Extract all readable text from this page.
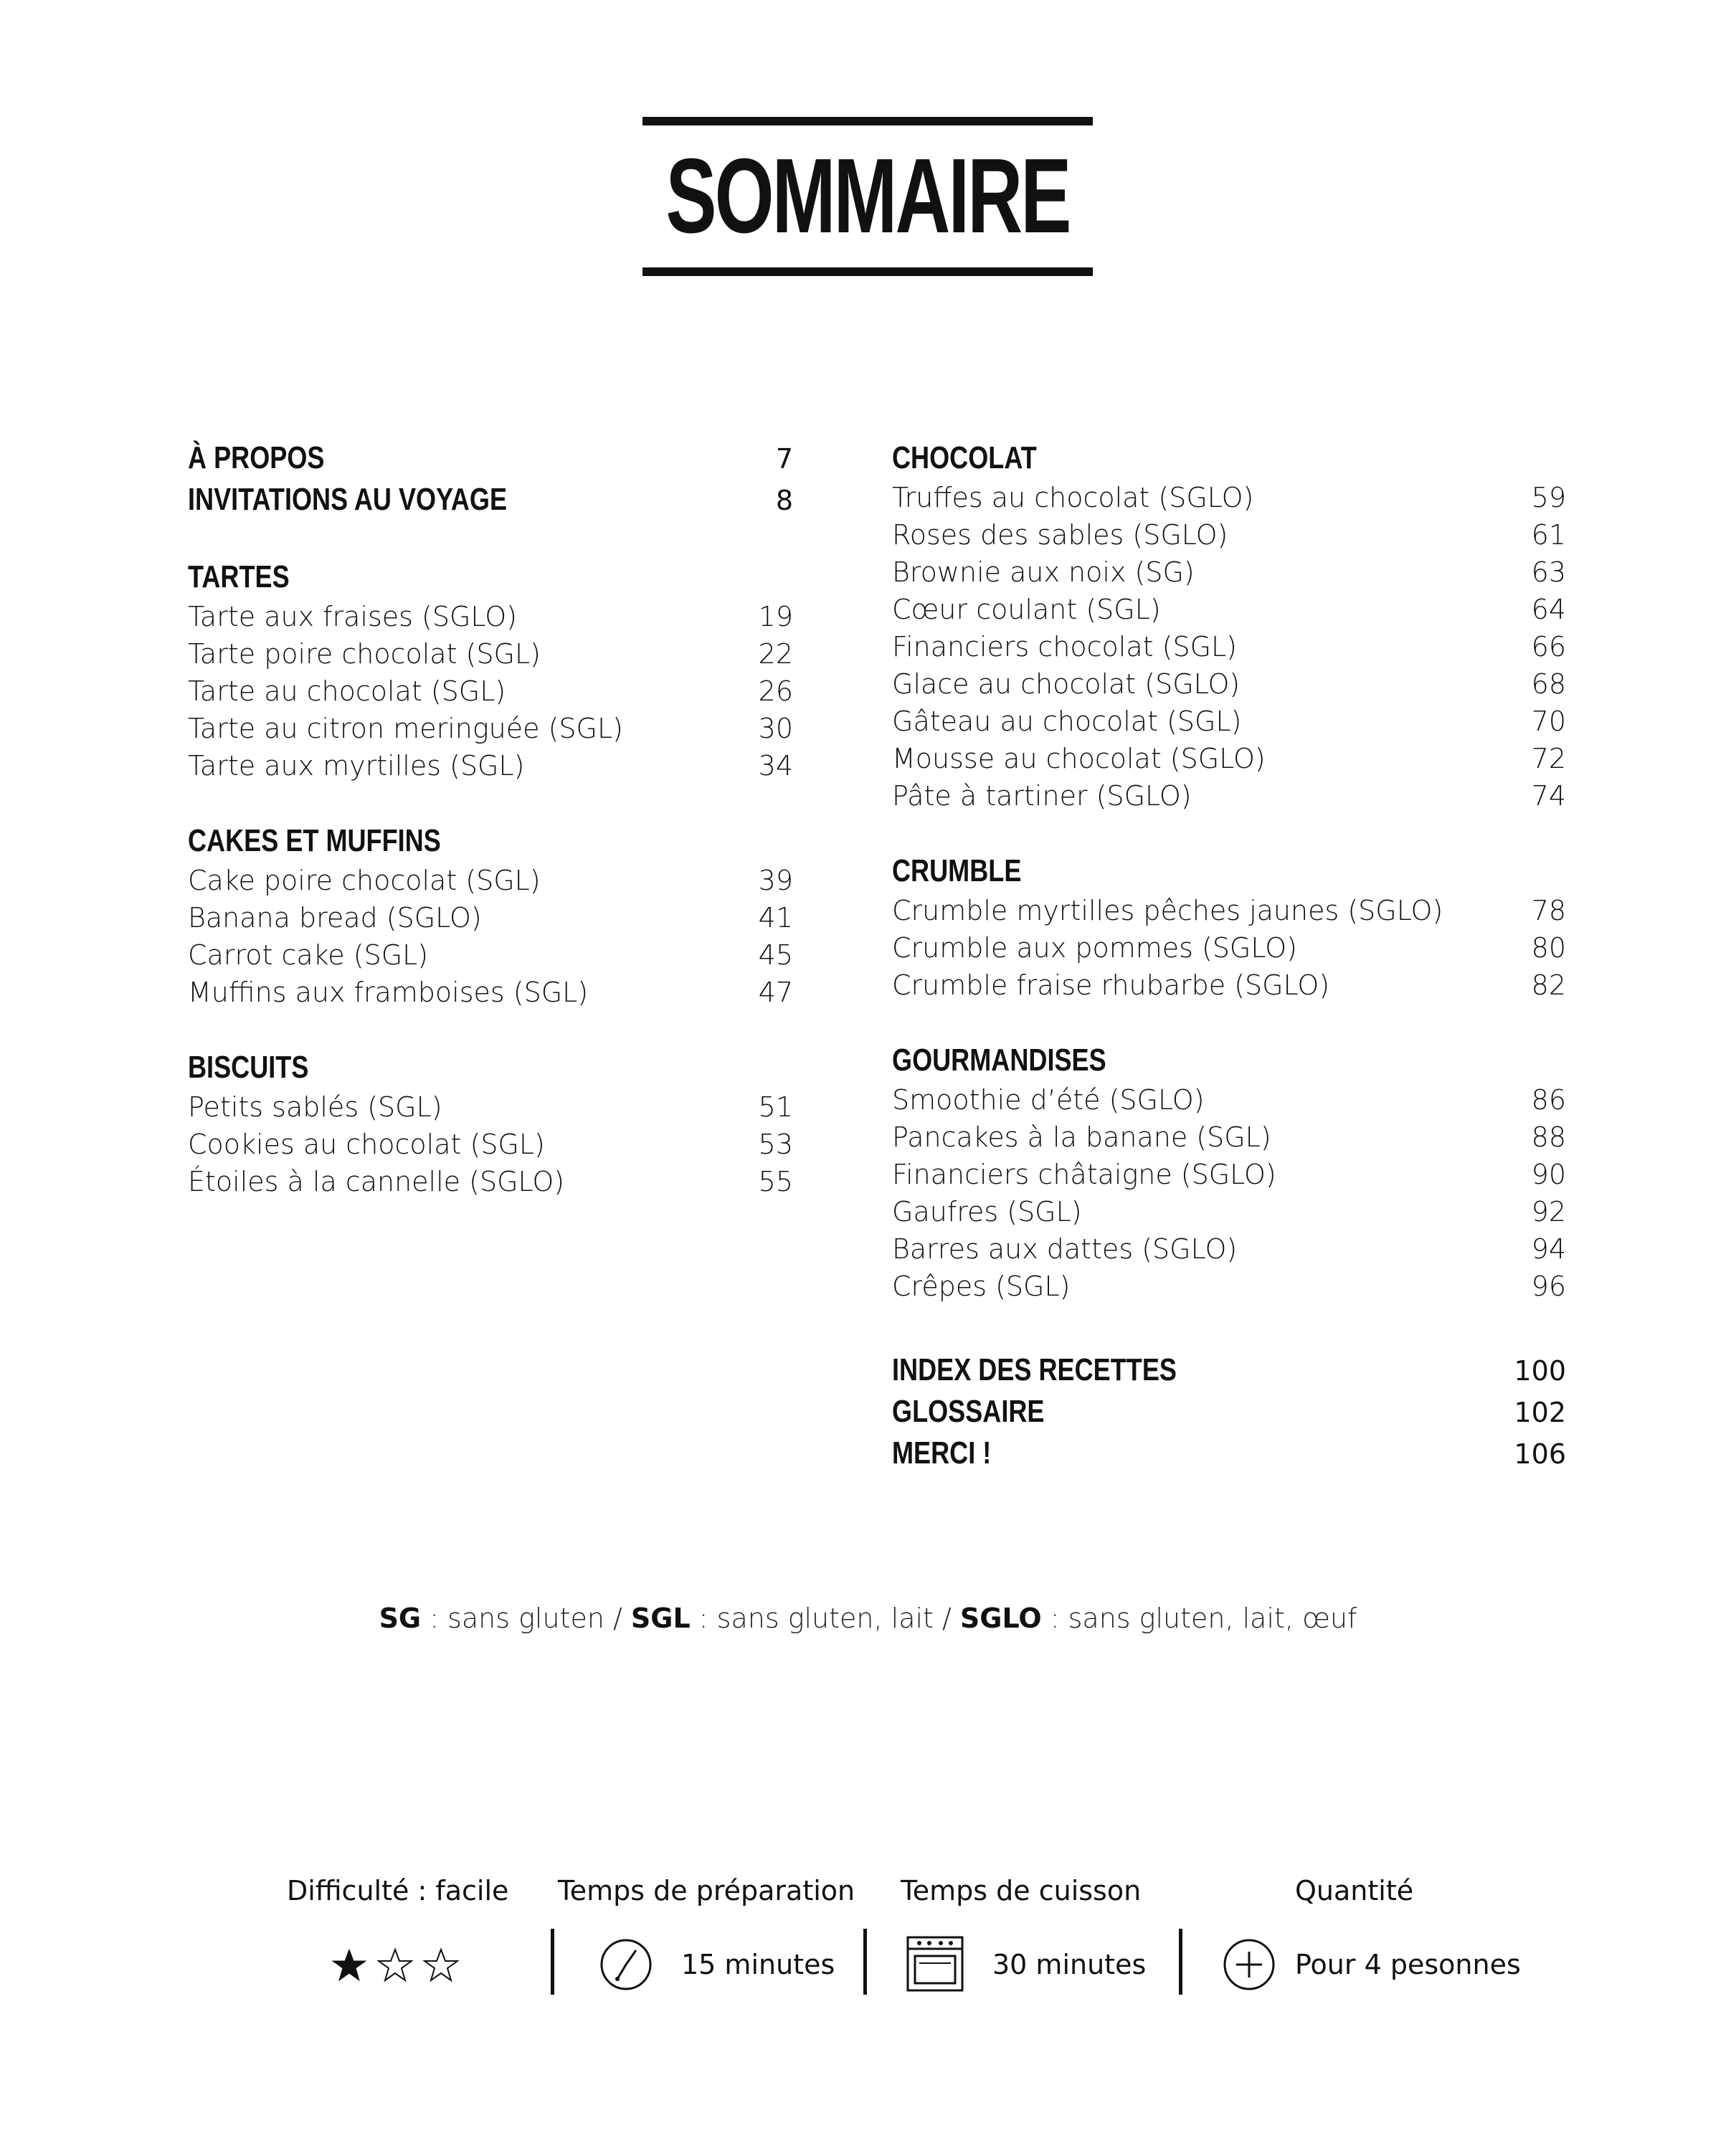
SOMMAIRE
À PROPOS	7
INVITATIONS AU VOYAGE	8
TARTES
Tarte aux fraises (SGLO)	19
Tarte poire chocolat (SGL)	22
Tarte au chocolat (SGL)	26
Tarte au citron meringuée (SGL)	30
Tarte aux myrtilles (SGL)	34
CAKES ET MUFFINS
Cake poire chocolat (SGL)	39
Banana bread (SGLO)	41
Carrot cake (SGL)	45
Muffins aux framboises (SGL)	47
BISCUITS
Petits sablés (SGL)	51
Cookies au chocolat (SGL)	53
Étoiles à la cannelle (SGLO)	55
CHOCOLAT
Truffes au chocolat (SGLO)	59
Roses des sables (SGLO)	61
Brownie aux noix (SG)	63
Cœur coulant (SGL)	64
Financiers chocolat (SGL)	66
Glace au chocolat (SGLO)	68
Gâteau au chocolat (SGL)	70
Mousse au chocolat (SGLO)	72
Pâte à tartiner (SGLO)	74
CRUMBLE
Crumble myrtilles pêches jaunes (SGLO)	78
Crumble aux pommes (SGLO)	80
Crumble fraise rhubarbe (SGLO)	82
GOURMANDISES
Smoothie d’été (SGLO)	86
Pancakes à la banane (SGL)	88
Financiers châtaigne (SGLO)	90
Gaufres (SGL)	92
Barres aux dattes (SGLO)	94
Crêpes (SGL)	96
INDEX DES RECETTES	100
GLOSSAIRE	102
MERCI !	106
SG : sans gluten / SGL : sans gluten, lait / SGLO : sans gluten, lait, œuf
Difficulté : facile Temps de préparation Temps de cuisson	Quantité
15 minutes	30 minutes	Pour 4 pesonnes
